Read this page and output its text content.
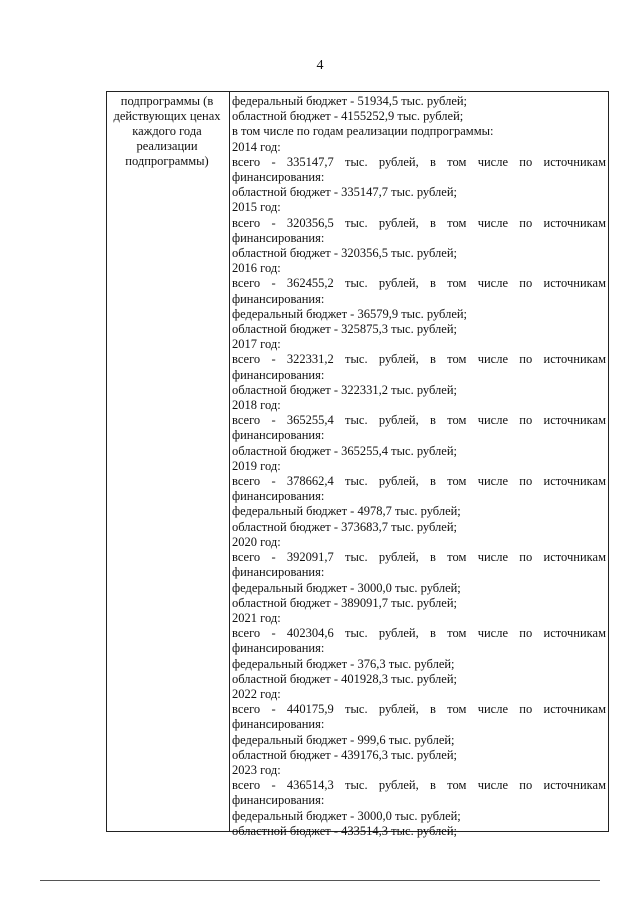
4
подпрограммы (в
действующих ценах
каждого года
реализации
подпрограммы)
федеральный бюджет - 51934,5 тыс. рублей;
областной бюджет - 4155252,9 тыс. рублей;
в том числе по годам реализации подпрограммы:
2014 год:
всего - 335147,7 тыс. рублей, в том числе по источникам
финансирования:
областной бюджет - 335147,7 тыс. рублей;
2015 год:
всего - 320356,5 тыс. рублей, в том числе по источникам
финансирования:
областной бюджет - 320356,5 тыс. рублей;
2016 год:
всего - 362455,2 тыс. рублей, в том числе по источникам
финансирования:
федеральный бюджет - 36579,9 тыс. рублей;
областной бюджет - 325875,3 тыс. рублей;
2017 год:
всего - 322331,2 тыс. рублей, в том числе по источникам
финансирования:
областной бюджет - 322331,2 тыс. рублей;
2018 год:
всего - 365255,4 тыс. рублей, в том числе по источникам
финансирования:
областной бюджет - 365255,4 тыс. рублей;
2019 год:
всего - 378662,4 тыс. рублей, в том числе по источникам
финансирования:
федеральный бюджет - 4978,7 тыс. рублей;
областной бюджет - 373683,7 тыс. рублей;
2020 год:
всего - 392091,7 тыс. рублей, в том числе по источникам
финансирования:
федеральный бюджет - 3000,0 тыс. рублей;
областной бюджет - 389091,7 тыс. рублей;
2021 год:
всего - 402304,6 тыс. рублей, в том числе по источникам
финансирования:
федеральный бюджет - 376,3 тыс. рублей;
областной бюджет - 401928,3 тыс. рублей;
2022 год:
всего - 440175,9 тыс. рублей, в том числе по источникам
финансирования:
федеральный бюджет - 999,6 тыс. рублей;
областной бюджет - 439176,3 тыс. рублей;
2023 год:
всего - 436514,3 тыс. рублей, в том числе по источникам
финансирования:
федеральный бюджет - 3000,0 тыс. рублей;
областной бюджет - 433514,3 тыс. рублей;
